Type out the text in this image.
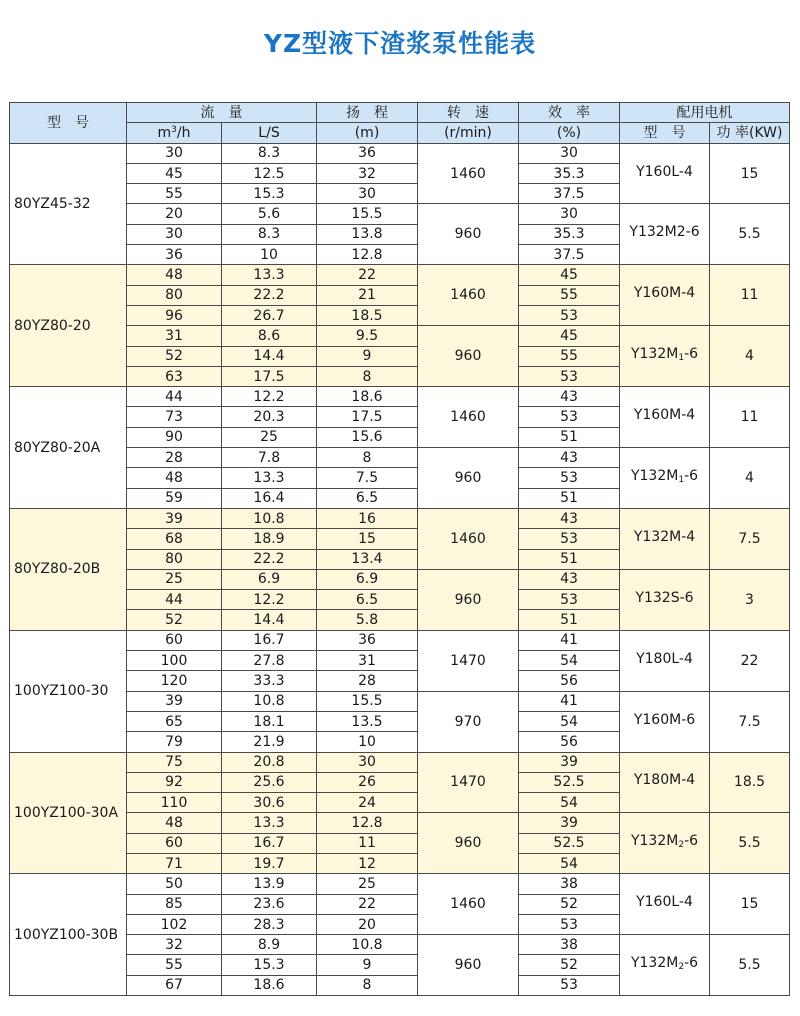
YZ型液下渣浆泵性能表
型　号	流　量		扬　程	转　速	效　率	配用电机	
	$m^3/h$	L/S	(m)	(r/min)	(%)	型　号	功 率(KW)
80YZ45-32	30	8.3	36	1460	30	Y160L-4	15
	45	12.5	32		35.3		
	55	15.3	30		37.5		
	20	5.6	15.5	960	30	Y132M2-6	5.5
	30	8.3	13.8		35.3		
	36	10	12.8		37.5		
80YZ80-20	48	13.3	22	1460	45	Y160M-4	11
	80	22.2	21		55		
	96	26.7	18.5		53		
	31	8.6	9.5	960	45	$Y132M_1-6$	4
	52	14.4	9		55		
	63	17.5	8		53		
80YZ80-20A	44	12.2	18.6	1460	43	Y160M-4	11
	73	20.3	17.5		53		
	90	25	15.6		51		
	28	7.8	8	960	43	$Y132M_1-6$	4
	48	13.3	7.5		53		
	59	16.4	6.5		51		
80YZ80-20B	39	10.8	16	1460	43	Y132M-4	7.5
	68	18.9	15		53		
	80	22.2	13.4		51		
	25	6.9	6.9	960	43	Y132S-6	3
	44	12.2	6.5		53		
	52	14.4	5.8		51		
100YZ100-30	60	16.7	36	1470	41	Y180L-4	22
	100	27.8	31		54		
	120	33.3	28		56		
	39	10.8	15.5	970	41	Y160M-6	7.5
	65	18.1	13.5		54		
	79	21.9	10		56		
100YZ100-30A	75	20.8	30	1470	39	Y180M-4	18.5
	92	25.6	26		52.5		
	110	30.6	24		54		
	48	13.3	12.8	960	39	$Y132M_2-6$	5.5
	60	16.7	11		52.5		
	71	19.7	12		54		
100YZ100-30B	50	13.9	25	1460	38	Y160L-4	15
	85	23.6	22		52		
	102	28.3	20		53		
	32	8.9	10.8	960	38	$Y132M_2-6$	5.5
	55	15.3	9		52		
	67	18.6	8		53		
